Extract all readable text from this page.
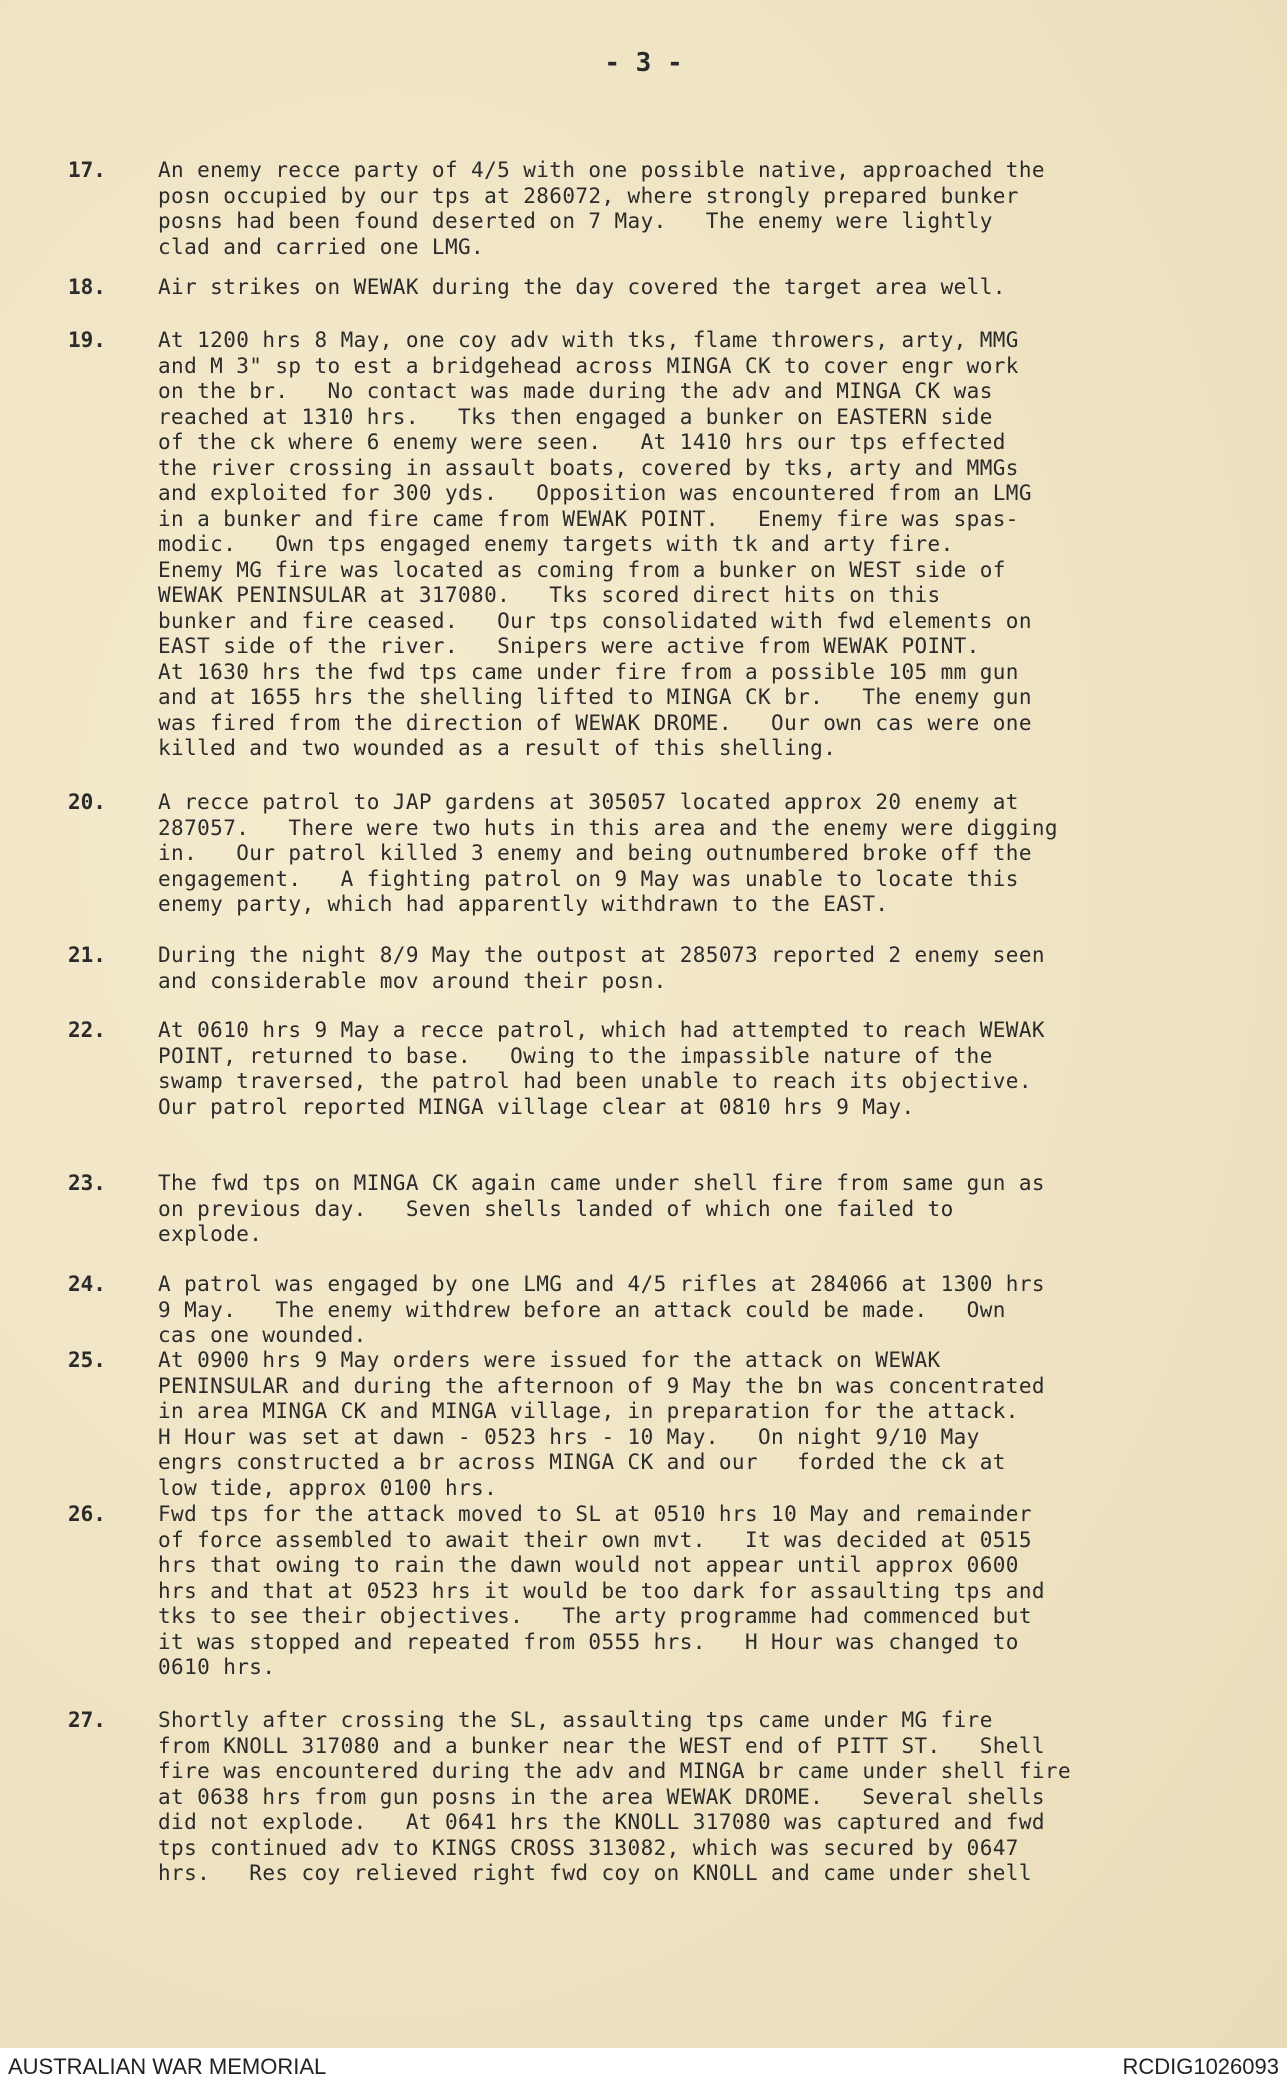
- 3 -
17. An enemy recce party of 4/5 with one possible native, approached the
posn occupied by our tps at 286072, where strongly prepared bunker
posns had been found deserted on 7 May.   The enemy were lightly
clad and carried one LMG.
18. Air strikes on WEWAK during the day covered the target area well.
19. At 1200 hrs 8 May, one coy adv with tks, flame throwers, arty, MMG
and M 3" sp to est a bridgehead across MINGA CK to cover engr work
on the br.   No contact was made during the adv and MINGA CK was
reached at 1310 hrs.   Tks then engaged a bunker on EASTERN side
of the ck where 6 enemy were seen.   At 1410 hrs our tps effected
the river crossing in assault boats, covered by tks, arty and MMGs
and exploited for 300 yds.   Opposition was encountered from an LMG
in a bunker and fire came from WEWAK POINT.   Enemy fire was spas-
modic.   Own tps engaged enemy targets with tk and arty fire.
Enemy MG fire was located as coming from a bunker on WEST side of
WEWAK PENINSULAR at 317080.   Tks scored direct hits on this
bunker and fire ceased.   Our tps consolidated with fwd elements on
EAST side of the river.   Snipers were active from WEWAK POINT.
At 1630 hrs the fwd tps came under fire from a possible 105 mm gun
and at 1655 hrs the shelling lifted to MINGA CK br.   The enemy gun
was fired from the direction of WEWAK DROME.   Our own cas were one
killed and two wounded as a result of this shelling.
20. A recce patrol to JAP gardens at 305057 located approx 20 enemy at
287057.   There were two huts in this area and the enemy were digging
in.   Our patrol killed 3 enemy and being outnumbered broke off the
engagement.   A fighting patrol on 9 May was unable to locate this
enemy party, which had apparently withdrawn to the EAST.
21. During the night 8/9 May the outpost at 285073 reported 2 enemy seen
and considerable mov around their posn.
22. At 0610 hrs 9 May a recce patrol, which had attempted to reach WEWAK
POINT, returned to base.   Owing to the impassible nature of the
swamp traversed, the patrol had been unable to reach its objective.
Our patrol reported MINGA village clear at 0810 hrs 9 May.
23. The fwd tps on MINGA CK again came under shell fire from same gun as
on previous day.   Seven shells landed of which one failed to
explode.
24. A patrol was engaged by one LMG and 4/5 rifles at 284066 at 1300 hrs
9 May.   The enemy withdrew before an attack could be made.   Own
cas one wounded.
25. At 0900 hrs 9 May orders were issued for the attack on WEWAK
PENINSULAR and during the afternoon of 9 May the bn was concentrated
in area MINGA CK and MINGA village, in preparation for the attack.
H Hour was set at dawn - 0523 hrs - 10 May.   On night 9/10 May
engrs constructed a br across MINGA CK and our   forded the ck at
low tide, approx 0100 hrs.
26. Fwd tps for the attack moved to SL at 0510 hrs 10 May and remainder
of force assembled to await their own mvt.   It was decided at 0515
hrs that owing to rain the dawn would not appear until approx 0600
hrs and that at 0523 hrs it would be too dark for assaulting tps and
tks to see their objectives.   The arty programme had commenced but
it was stopped and repeated from 0555 hrs.   H Hour was changed to
0610 hrs.
27. Shortly after crossing the SL, assaulting tps came under MG fire
from KNOLL 317080 and a bunker near the WEST end of PITT ST.   Shell
fire was encountered during the adv and MINGA br came under shell fire
at 0638 hrs from gun posns in the area WEWAK DROME.   Several shells
did not explode.   At 0641 hrs the KNOLL 317080 was captured and fwd
tps continued adv to KINGS CROSS 313082, which was secured by 0647
hrs.   Res coy relieved right fwd coy on KNOLL and came under shell
AUSTRALIAN WAR MEMORIAL	RCDIG1026093
